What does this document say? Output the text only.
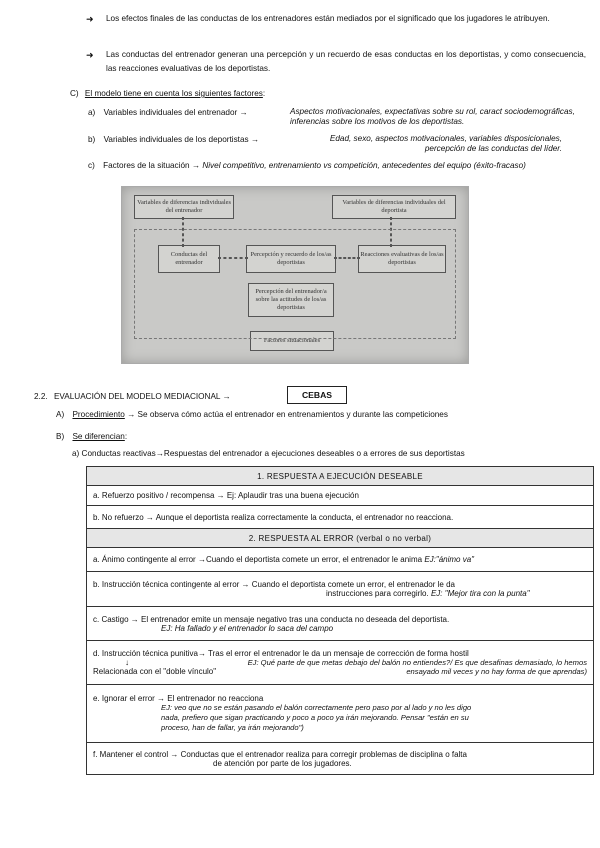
➜ Los efectos finales de las conductas de los entrenadores están mediados por el significado que los jugadores le atribuyen.
➜ Las conductas del entrenador generan una percepción y un recuerdo de esas conductas en los deportistas, y como consecuencia, las reacciones evaluativas de los deportistas.
C) El modelo tiene en cuenta los siguientes factores:
a) Variables individuales del entrenador →	Aspectos motivacionales, expectativas sobre su rol, caract sociodemográficas, inferencias sobre los motivos de los deportistas.
b) Variables individuales de los deportistas →	Edad, sexo, aspectos motivacionales, variables disposicionales, percepción de las conductas del líder.
c) Factores de la situación → Nivel competitivo, entrenamiento vs competición, antecedentes del equipo (éxito-fracaso)
Variables de diferencias individuales del entrenador
Variables de diferencias individuales del deportista
Conductas del entrenador
Percepción y recuerdo de los/as deportistas
Reacciones evaluativas de los/as deportistas
Percepción del entrenador/a sobre las actitudes de los/as deportistas
Factores situacionales
2.2. EVALUACIÓN DEL MODELO MEDIACIONAL →	CEBAS
A) Procedimiento → Se observa cómo actúa el entrenador en entrenamientos y durante las competiciones
B) Se diferencian:
a) Conductas reactivas→Respuestas del entrenador a ejecuciones deseables o a errores de sus deportistas
1. RESPUESTA A EJECUCIÓN DESEABLE
a. Refuerzo positivo / recompensa → Ej: Aplaudir tras una buena ejecución
b. No refuerzo → Aunque el deportista realiza correctamente la conducta, el entrenador no reacciona.
2. RESPUESTA AL ERROR (verbal o no verbal)
a. Ánimo contingente al error →Cuando el deportista comete un error, el entrenador le anima EJ:"ánimo va"

b. Instrucción técnica contingente al error → Cuando el deportista comete un error, el entrenador le da
instrucciones para corregirlo. EJ: "Mejor tira con la punta"

c. Castigo → El entrenador emite un mensaje negativo tras una conducta no deseada del deportista.
EJ: Ha fallado y el entrenador lo saca del campo

d. Instrucción técnica punitiva→ Tras el error el entrenador le da un mensaje de corrección de forma hostil
↓
Relacionada con el "doble vínculo"
EJ: Qué parte de que metas debajo del balón no entiendes?/ Es que desafinas demasiado, lo hemos ensayado mil veces y no hay forma de que aprendas)

e. Ignorar el error → El entrenador no reacciona
EJ: veo que no se están pasando el balón correctamente pero paso por al lado y no les digo nada, prefiero que sigan practicando y poco a poco ya irán mejorando. Pensar "están en su proceso, han de fallar, ya irán mejorando")

f. Mantener el control → Conductas que el entrenador realiza para corregir problemas de disciplina o falta
de atención por parte de los jugadores.
